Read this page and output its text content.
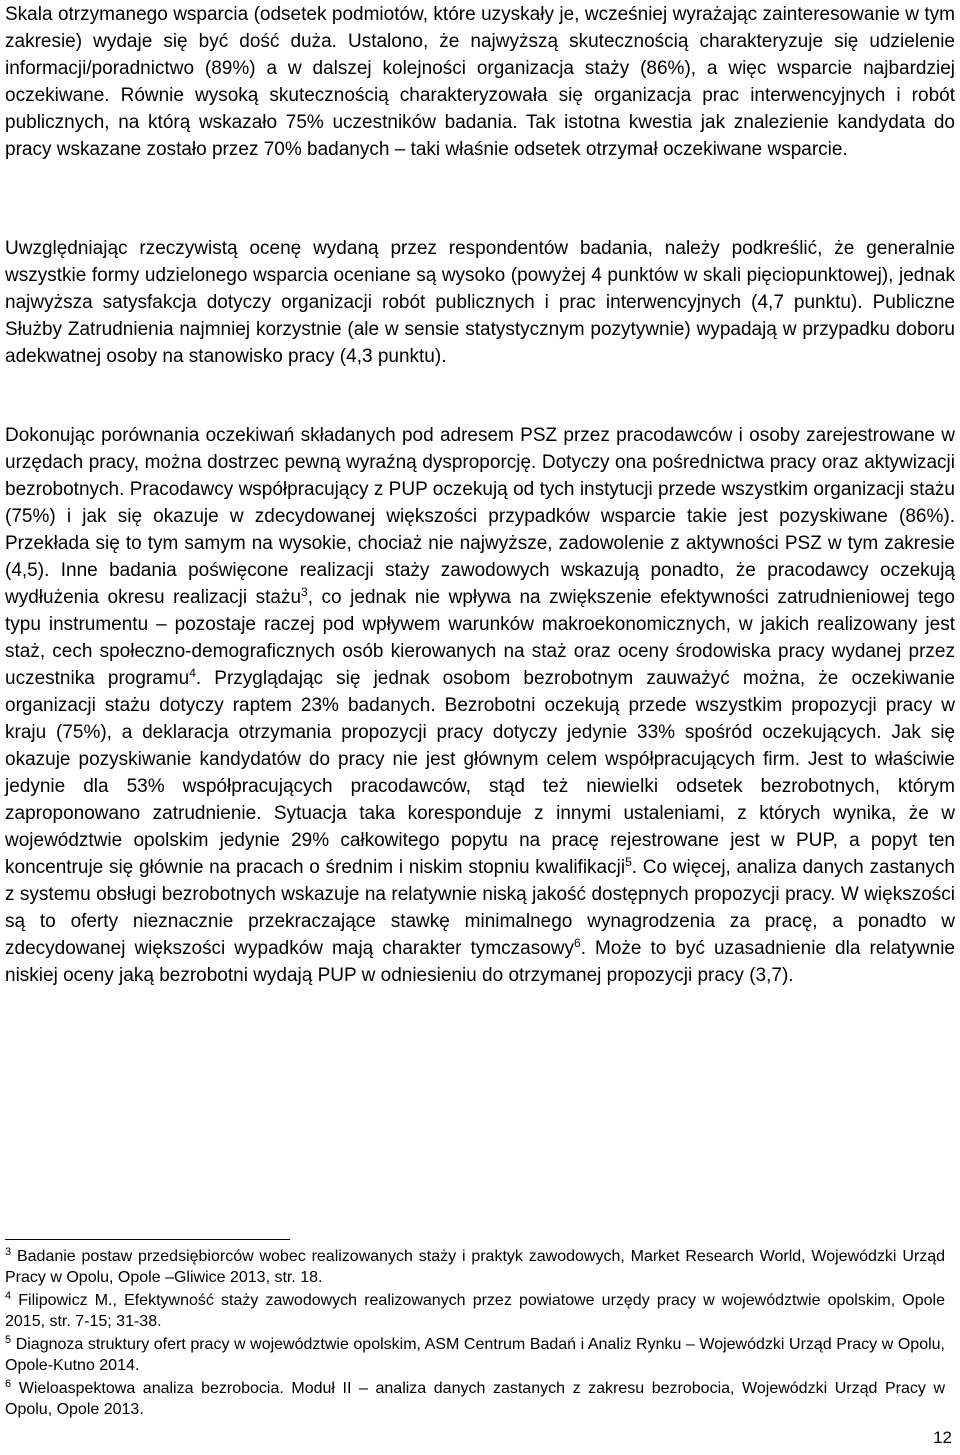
Skala otrzymanego wsparcia (odsetek podmiotów, które uzyskały je, wcześniej wyrażając zainteresowanie w tym zakresie) wydaje się być dość duża. Ustalono, że najwyższą skutecznością charakteryzuje się udzielenie informacji/poradnictwo (89%) a w dalszej kolejności organizacja staży (86%), a więc wsparcie najbardziej oczekiwane. Równie wysoką skutecznością charakteryzowała się organizacja prac interwencyjnych i robót publicznych, na którą wskazało 75% uczestników badania. Tak istotna kwestia jak znalezienie kandydata do pracy wskazane zostało przez 70% badanych – taki właśnie odsetek otrzymał oczekiwane wsparcie.

Uwzględniając rzeczywistą ocenę wydaną przez respondentów badania, należy podkreślić, że generalnie wszystkie formy udzielonego wsparcia oceniane są wysoko (powyżej 4 punktów w skali pięciopunktowej), jednak najwyższa satysfakcja dotyczy organizacji robót publicznych i prac interwencyjnych (4,7 punktu). Publiczne Służby Zatrudnienia najmniej korzystnie (ale w sensie statystycznym pozytywnie) wypadają w przypadku doboru adekwatnej osoby na stanowisko pracy (4,3 punktu).

Dokonując porównania oczekiwań składanych pod adresem PSZ przez pracodawców i osoby zarejestrowane w urzędach pracy, można dostrzec pewną wyraźną dysproporcję. Dotyczy ona pośrednictwa pracy oraz aktywizacji bezrobotnych. Pracodawcy współpracujący z PUP oczekują od tych instytucji przede wszystkim organizacji stażu (75%) i jak się okazuje w zdecydowanej większości przypadków wsparcie takie jest pozyskiwane (86%). Przekłada się to tym samym na wysokie, chociaż nie najwyższe, zadowolenie z aktywności PSZ w tym zakresie (4,5). Inne badania poświęcone realizacji staży zawodowych wskazują ponadto, że pracodawcy oczekują wydłużenia okresu realizacji stażu$^3$, co jednak nie wpływa na zwiększenie efektywności zatrudnieniowej tego typu instrumentu – pozostaje raczej pod wpływem warunków makroekonomicznych, w jakich realizowany jest staż, cech społeczno-demograficznych osób kierowanych na staż oraz oceny środowiska pracy wydanej przez uczestnika programu$^4$. Przyglądając się jednak osobom bezrobotnym zauważyć można, że oczekiwanie organizacji stażu dotyczy raptem 23% badanych. Bezrobotni oczekują przede wszystkim propozycji pracy w kraju (75%), a deklaracja otrzymania propozycji pracy dotyczy jedynie 33% spośród oczekujących. Jak się okazuje pozyskiwanie kandydatów do pracy nie jest głównym celem współpracujących firm. Jest to właściwie jedynie dla 53% współpracujących pracodawców, stąd też niewielki odsetek bezrobotnych, którym zaproponowano zatrudnienie. Sytuacja taka koresponduje z innymi ustaleniami, z których wynika, że w województwie opolskim jedynie 29% całkowitego popytu na pracę rejestrowane jest w PUP, a popyt ten koncentruje się głównie na pracach o średnim i niskim stopniu kwalifikacji$^5$. Co więcej, analiza danych zastanych z systemu obsługi bezrobotnych wskazuje na relatywnie niską jakość dostępnych propozycji pracy. W większości są to oferty nieznacznie przekraczające stawkę minimalnego wynagrodzenia za pracę, a ponadto w zdecydowanej większości wypadków mają charakter tymczasowy$^6$. Może to być uzasadnienie dla relatywnie niskiej oceny jaką bezrobotni wydają PUP w odniesieniu do otrzymanej propozycji pracy (3,7).

$^3$ Badanie postaw przedsiębiorców wobec realizowanych staży i praktyk zawodowych, Market Research World, Wojewódzki Urząd Pracy w Opolu, Opole –Gliwice 2013, str. 18.

$^4$ Filipowicz M., Efektywność staży zawodowych realizowanych przez powiatowe urzędy pracy w województwie opolskim, Opole 2015, str. 7-15; 31-38.

$^5$ Diagnoza struktury ofert pracy w województwie opolskim, ASM Centrum Badań i Analiz Rynku – Wojewódzki Urząd Pracy w Opolu, Opole-Kutno 2014.

$^6$ Wieloaspektowa analiza bezrobocia. Moduł II – analiza danych zastanych z zakresu bezrobocia, Wojewódzki Urząd Pracy w Opolu, Opole 2013.

12
